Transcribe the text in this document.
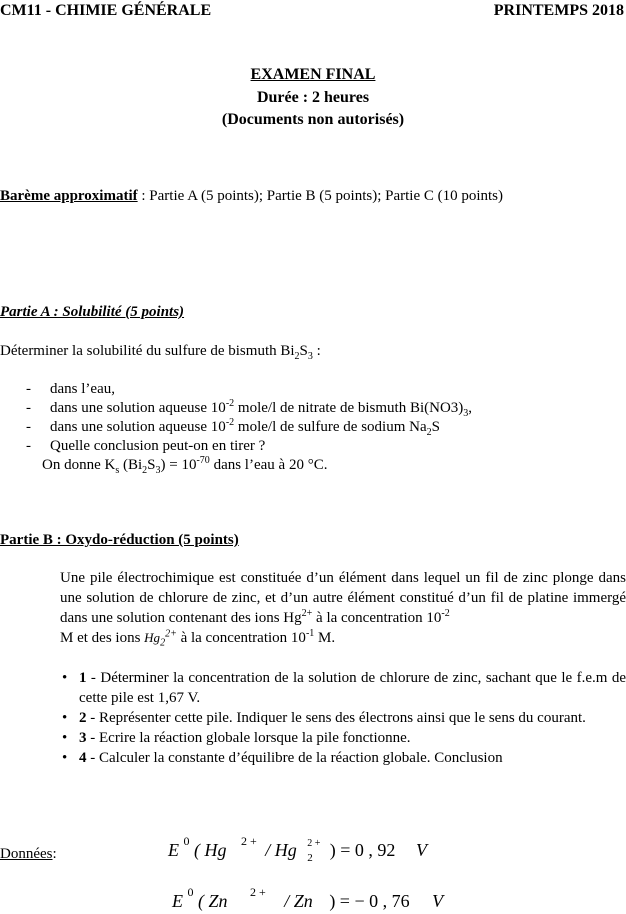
CM11 - CHIMIE GÉNÉRALE	PRINTEMPS 2018
EXAMEN FINAL
Durée : 2 heures
(Documents non autorisés)
Barème approximatif : Partie A (5 points); Partie B (5 points); Partie C (10 points)
Partie A : Solubilité (5 points)
Déterminer la solubilité du sulfure de bismuth $Bi_2S_3$ :
- dans l’eau,
- dans une solution aqueuse $10^{-2}$ mole/l de nitrate de bismuth $Bi(NO3)_3$,
- dans une solution aqueuse $10^{-2}$ mole/l de sulfure de sodium $Na_2S$
- Quelle conclusion peut-on en tirer ?
On donne $K_s$ $(Bi_2S_3) = 10^{-70}$ dans l’eau à 20 °C.
Partie B : Oxydo-réduction (5 points)
Une pile électrochimique est constituée d’un élément dans lequel un fil de zinc plonge dans une solution de chlorure de zinc, et d’un autre élément constitué d’un fil de platine immergé dans une solution contenant des ions $Hg^{2+}$ à la concentration $10^{-2}$
M et des ions $Hg_2^{2+}$ à la concentration $10^{-1}$ M.
• 1 - Déterminer la concentration de la solution de chlorure de zinc, sachant que le f.e.m de cette pile est 1,67 V.
• 2 - Représenter cette pile. Indiquer le sens des électrons ainsi que le sens du courant.
• 3 - Ecrire la réaction globale lorsque la pile fonctionne.
• 4 - Calculer la constante d’équilibre de la réaction globale. Conclusion
Données:	E $^0$ ( Hg $^{2 +}$ / Hg 2 +
2 ) = 0 , 92 V
E $^0$ ( Zn $^{2 +}$ / Zn ) = − 0 , 76 V
